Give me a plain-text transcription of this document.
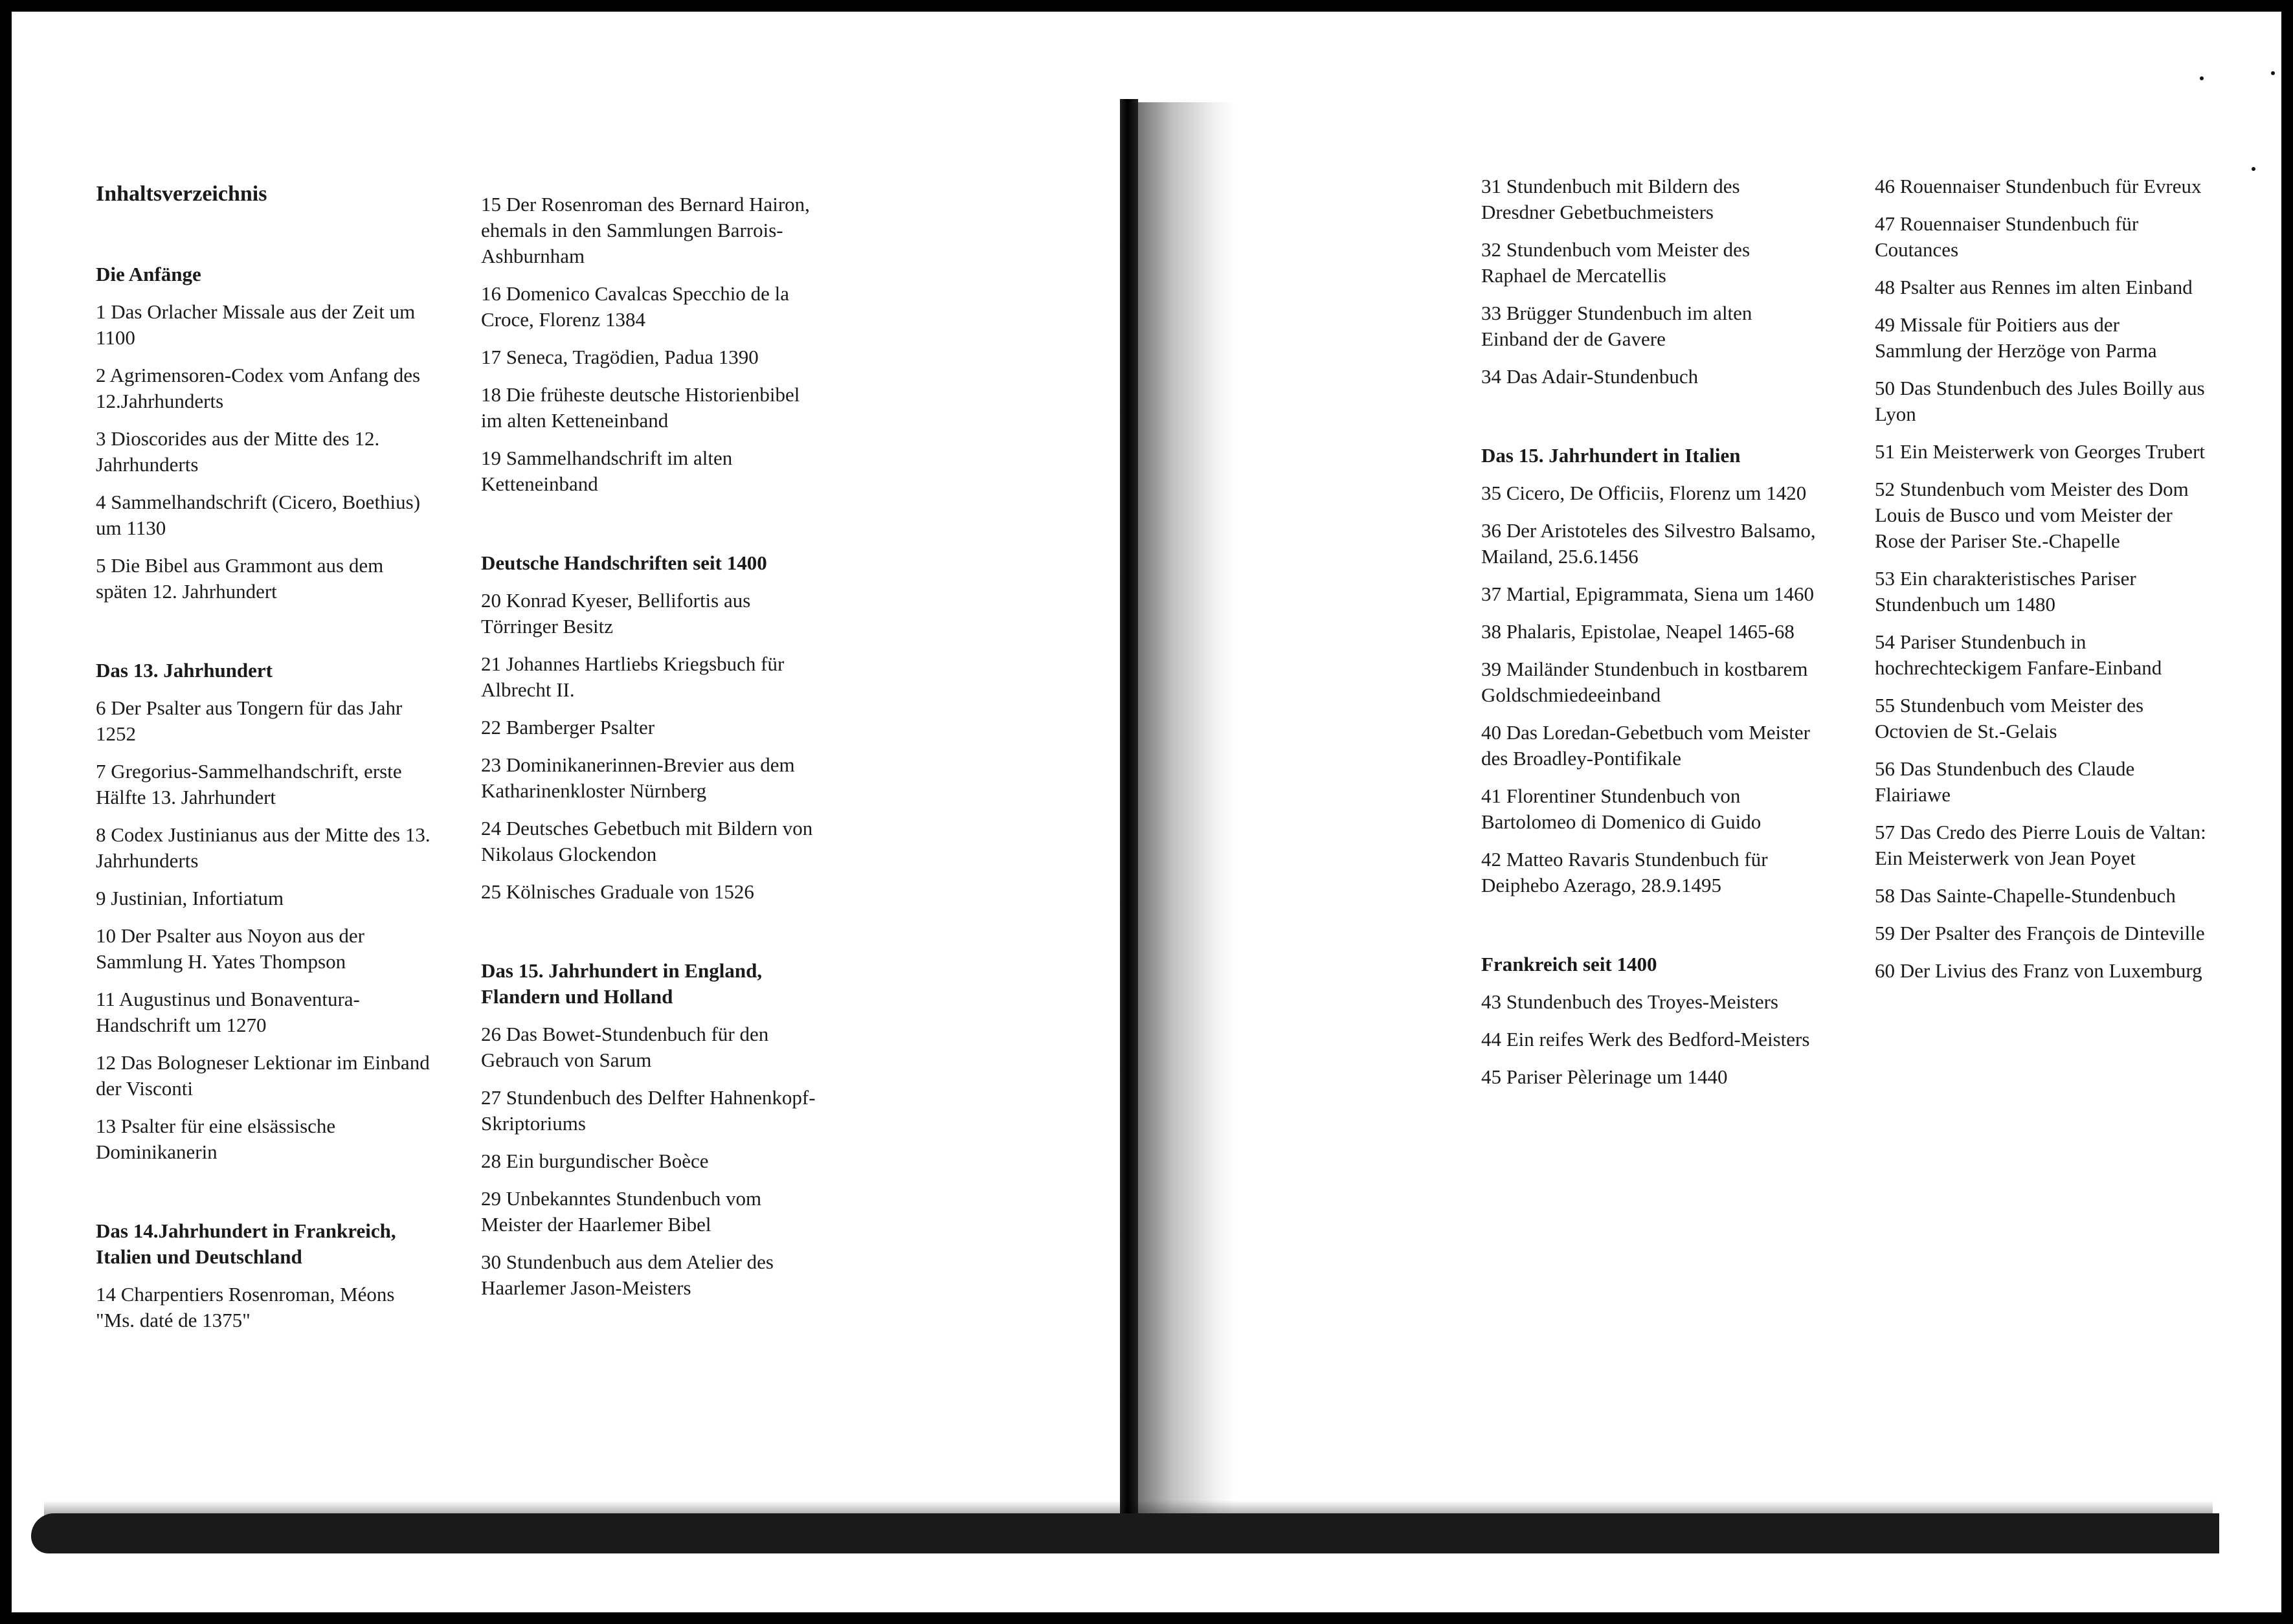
Inhaltsverzeichnis
Die Anfänge
1 Das Orlacher Missale aus der Zeit um 1100
2 Agrimensoren-Codex vom Anfang des 12.Jahrhunderts
3 Dioscorides aus der Mitte des 12. Jahrhunderts
4 Sammelhandschrift (Cicero, Boethius) um 1130
5 Die Bibel aus Grammont aus dem späten 12. Jahrhundert
Das 13. Jahrhundert
6 Der Psalter aus Tongern für das Jahr 1252
7 Gregorius-Sammelhandschrift, erste Hälfte 13. Jahrhundert
8 Codex Justinianus aus der Mitte des 13. Jahrhunderts
9 Justinian, Infortiatum
10 Der Psalter aus Noyon aus der Sammlung H. Yates Thompson
11 Augustinus und Bonaventura-Handschrift um 1270
12 Das Bologneser Lektionar im Einband der Visconti
13 Psalter für eine elsässische Dominikanerin
Das 14.Jahrhundert in Frankreich, Italien und Deutschland
14 Charpentiers Rosenroman, Méons "Ms. daté de 1375"
15 Der Rosenroman des Bernard Hairon, ehemals in den Sammlungen Barrois-Ashburnham
16 Domenico Cavalcas Specchio de la Croce, Florenz 1384
17 Seneca, Tragödien, Padua 1390
18 Die früheste deutsche Historienbibel im alten Ketteneinband
19 Sammelhandschrift im alten Ketteneinband
Deutsche Handschriften seit 1400
20 Konrad Kyeser, Bellifortis aus Törringer Besitz
21 Johannes Hartliebs Kriegsbuch für Albrecht II.
22 Bamberger Psalter
23 Dominikanerinnen-Brevier aus dem Katharinenkloster Nürnberg
24 Deutsches Gebetbuch mit Bildern von Nikolaus Glockendon
25 Kölnisches Graduale von 1526
Das 15. Jahrhundert in England, Flandern und Holland
26 Das Bowet-Stundenbuch für den Gebrauch von Sarum
27 Stundenbuch des Delfter Hahnenkopf-Skriptoriums
28 Ein burgundischer Boèce
29 Unbekanntes Stundenbuch vom Meister der Haarlemer Bibel
30 Stundenbuch aus dem Atelier des Haarlemer Jason-Meisters
31 Stundenbuch mit Bildern des Dresdner Gebetbuchmeisters
32 Stundenbuch vom Meister des Raphael de Mercatellis
33 Brügger Stundenbuch im alten Einband der de Gavere
34 Das Adair-Stundenbuch
Das 15. Jahrhundert in Italien
35 Cicero, De Officiis, Florenz um 1420
36 Der Aristoteles des Silvestro Balsamo, Mailand, 25.6.1456
37 Martial, Epigrammata, Siena um 1460
38 Phalaris, Epistolae, Neapel 1465-68
39 Mailänder Stundenbuch in kostbarem Goldschmiedeeinband
40 Das Loredan-Gebetbuch vom Meister des Broadley-Pontifikale
41 Florentiner Stundenbuch von Bartolomeo di Domenico di Guido
42 Matteo Ravaris Stundenbuch für Deiphebo Azerago, 28.9.1495
Frankreich seit 1400
43 Stundenbuch des Troyes-Meisters
44 Ein reifes Werk des Bedford-Meisters
45 Pariser Pèlerinage um 1440
46 Rouennaiser Stundenbuch für Evreux
47 Rouennaiser Stundenbuch für Coutances
48 Psalter aus Rennes im alten Einband
49 Missale für Poitiers aus der Sammlung der Herzöge von Parma
50 Das Stundenbuch des Jules Boilly aus Lyon
51 Ein Meisterwerk von Georges Trubert
52 Stundenbuch vom Meister des Dom Louis de Busco und vom Meister der Rose der Pariser Ste.-Chapelle
53 Ein charakteristisches Pariser Stundenbuch um 1480
54 Pariser Stundenbuch in hochrechteckigem Fanfare-Einband
55 Stundenbuch vom Meister des Octovien de St.-Gelais
56 Das Stundenbuch des Claude Flairiawe
57 Das Credo des Pierre Louis de Valtan: Ein Meisterwerk von Jean Poyet
58 Das Sainte-Chapelle-Stundenbuch
59 Der Psalter des François de Dinteville
60 Der Livius des Franz von Luxemburg
